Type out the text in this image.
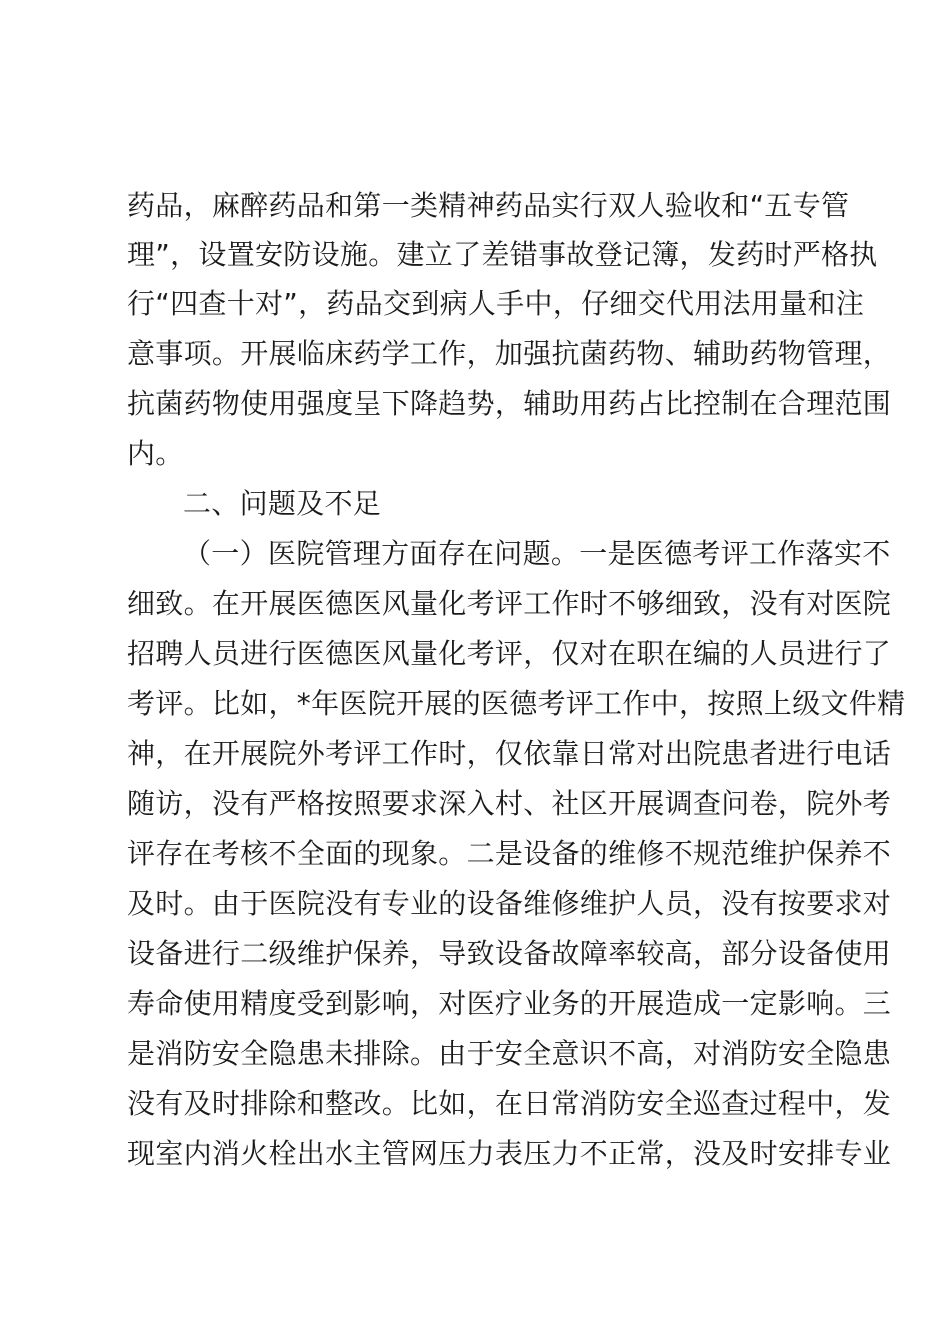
药品，麻醉药品和第一类精神药品实行双人验收和“五专管
理”，设置安防设施。建立了差错事故登记簿，发药时严格执
行“四查十对”，药品交到病人手中，仔细交代用法用量和注
意事项。开展临床药学工作，加强抗菌药物、辅助药物管理，
抗菌药物使用强度呈下降趋势，辅助用药占比控制在合理范围
内。
二、问题及不足
（一）医院管理方面存在问题。一是医德考评工作落实不
细致。在开展医德医风量化考评工作时不够细致，没有对医院
招聘人员进行医德医风量化考评，仅对在职在编的人员进行了
考评。比如，*年医院开展的医德考评工作中，按照上级文件精
神，在开展院外考评工作时，仅依靠日常对出院患者进行电话
随访，没有严格按照要求深入村、社区开展调查问卷，院外考
评存在考核不全面的现象。二是设备的维修不规范维护保养不
及时。由于医院没有专业的设备维修维护人员，没有按要求对
设备进行二级维护保养，导致设备故障率较高，部分设备使用
寿命使用精度受到影响，对医疗业务的开展造成一定影响。三
是消防安全隐患未排除。由于安全意识不高，对消防安全隐患
没有及时排除和整改。比如，在日常消防安全巡查过程中，发
现室内消火栓出水主管网压力表压力不正常，没及时安排专业
